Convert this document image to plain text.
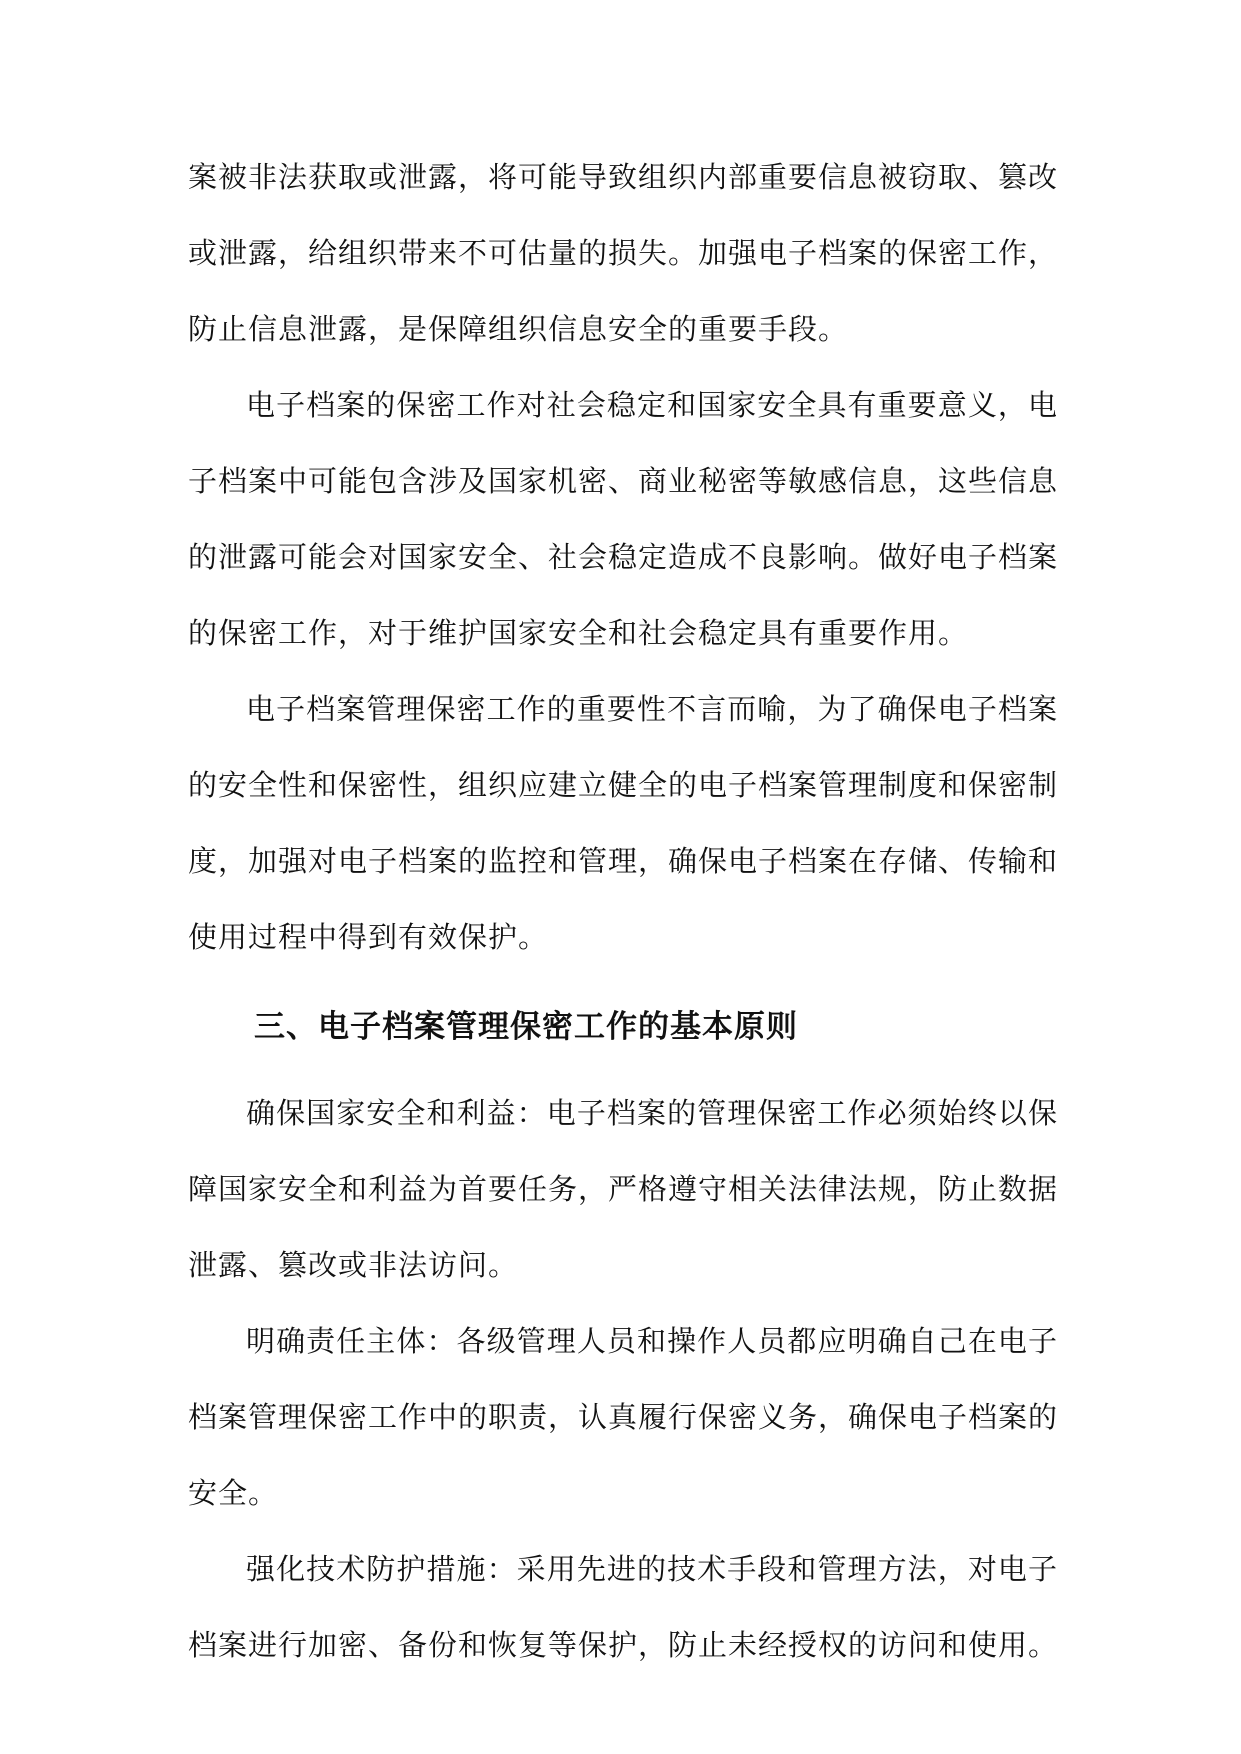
案被非法获取或泄露，将可能导致组织内部重要信息被窃取、篡改或泄露，给组织带来不可估量的损失。加强电子档案的保密工作，防止信息泄露，是保障组织信息安全的重要手段。

电子档案的保密工作对社会稳定和国家安全具有重要意义，电子档案中可能包含涉及国家机密、商业秘密等敏感信息，这些信息的泄露可能会对国家安全、社会稳定造成不良影响。做好电子档案的保密工作，对于维护国家安全和社会稳定具有重要作用。

电子档案管理保密工作的重要性不言而喻，为了确保电子档案的安全性和保密性，组织应建立健全的电子档案管理制度和保密制度，加强对电子档案的监控和管理，确保电子档案在存储、传输和使用过程中得到有效保护。

三、电子档案管理保密工作的基本原则

确保国家安全和利益：电子档案的管理保密工作必须始终以保障国家安全和利益为首要任务，严格遵守相关法律法规，防止数据泄露、篡改或非法访问。

明确责任主体：各级管理人员和操作人员都应明确自己在电子档案管理保密工作中的职责，认真履行保密义务，确保电子档案的安全。

强化技术防护措施：采用先进的技术手段和管理方法，对电子档案进行加密、备份和恢复等保护，防止未经授权的访问和使用。
